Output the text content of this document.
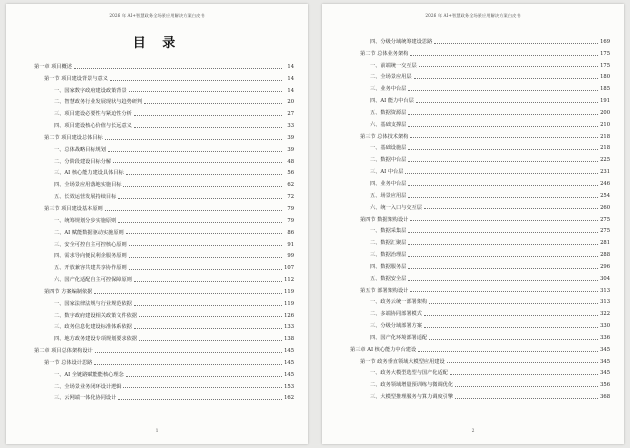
2026 年 AI+智慧政务全场景应用解决方案白皮书
目 录
第一章 项目概述	14
第一节 项目建设背景与意义	14
一、国家数字政府建设政策背景	14
二、智慧政务行业发展现状与趋势研判	20
三、项目建设必要性与紧迫性分析	27
四、项目建设核心价值与长远意义	33
第二节 项目建设总体目标	39
一、总体战略目标规划	39
二、分阶段建设目标分解	48
三、AI 核心能力建设具体目标	56
四、全场景应用落地实施目标	62
五、长效运营发展持续目标	72
第三节 项目建设基本原则	79
一、统筹规划分步实施原则	79
二、AI 赋能数据驱动实施原则	86
三、安全可控自主可控核心原则	91
四、需求导向便民利企服务原则	99
五、开放兼容共建共享协作原则	107
六、国产化适配自主可控保障原则	112
第四节 方案编制依据	119
一、国家法律法规与行业规范依据	119
二、数字政府建设相关政策文件依据	126
三、政务信息化建设标准体系依据	133
四、地方政务建设专项规划要求依据	138
第二章 项目总体架构设计	145
第一节 总体设计思路	145
一、AI 全链路赋能能核心理念	145
二、全场景业务闭环设计逻辑	153
三、云网端一体化协同设计	162
1
2026 年 AI+智慧政务全场景应用解决方案白皮书
四、分级分域统筹建设思路	169
第二节 总体业务架构	175
一、前端统一交互层	175
二、全场景应用层	180
三、业务中台层	185
四、AI 能力中台层	191
五、数据资源层	200
六、基础支撑层	210
第三节 总体技术架构	218
一、基础设施层	218
二、数据中台层	225
三、AI 中台层	231
四、业务中台层	246
五、场景应用层	254
六、统一入口与交互层	260
第四节 数据架构设计	275
一、数据采集层	275
二、数据汇聚层	281
三、数据治理层	288
四、数据服务层	296
五、数据安全层	304
第五节 部署架构设计	313
一、政务云统一部署架构	313
二、多端协同部署模式	322
三、分级分域部署方案	330
四、国产化环境部署适配	336
第三章 AI 核心能力中台建设	345
第一节 政务垂直领域大模型应用建设	345
一、政务大模型选型与国产化适配	345
二、政务领域增量预训练与微调优化	356
三、大模型推理服务与算力调度引擎	368
2
